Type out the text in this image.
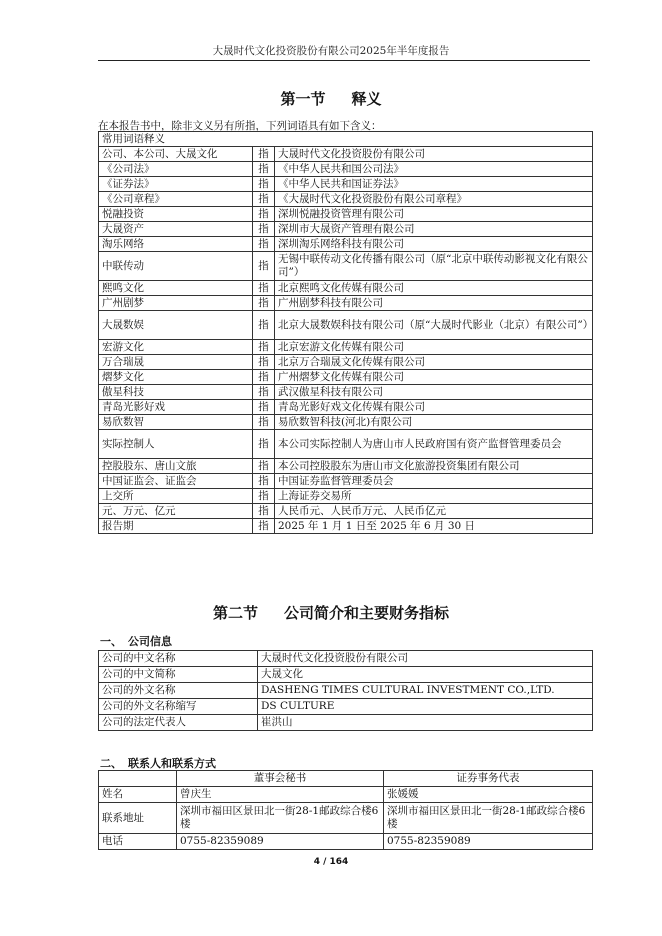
大晟时代文化投资股份有限公司2025年半年度报告
第一节 释义
在本报告书中，除非文义另有所指，下列词语具有如下含义：
常用词语释义		
公司、本公司、大晟文化	指	大晟时代文化投资股份有限公司
《公司法》	指	《中华人民共和国公司法》
《证券法》	指	《中华人民共和国证券法》
《公司章程》	指	《大晟时代文化投资股份有限公司章程》
悦融投资	指	深圳悦融投资管理有限公司
大晟资产	指	深圳市大晟资产管理有限公司
淘乐网络	指	深圳淘乐网络科技有限公司
中联传动	指	无锡中联传动文化传播有限公司（原“北京中联传动影视文化有限公司”）
熙鸣文化	指	北京熙鸣文化传媒有限公司
广州剧梦	指	广州剧梦科技有限公司
大晟数娱	指	北京大晟数娱科技有限公司（原“大晟时代影业（北京）有限公司”）
宏游文化	指	北京宏游文化传媒有限公司
万合瑞晟	指	北京万合瑞晟文化传媒有限公司
熠梦文化	指	广州熠梦文化传媒有限公司
傲星科技	指	武汉傲星科技有限公司
青岛光影好戏	指	青岛光影好戏文化传媒有限公司
易欣数智	指	易欣数智科技(河北)有限公司
实际控制人	指	本公司实际控制人为唐山市人民政府国有资产监督管理委员会
控股股东、唐山文旅	指	本公司控股股东为唐山市文化旅游投资集团有限公司
中国证监会、证监会	指	中国证券监督管理委员会
上交所	指	上海证券交易所
元、万元、亿元	指	人民币元、人民币万元、人民币亿元
报告期	指	2025 年 1 月 1 日至 2025 年 6 月 30 日
第二节 公司简介和主要财务指标
一、 公司信息
公司的中文名称	大晟时代文化投资股份有限公司
公司的中文简称	大晟文化
公司的外文名称	DASHENG TIMES CULTURAL INVESTMENT CO.,LTD.
公司的外文名称缩写	DS CULTURE
公司的法定代表人	崔洪山
二、 联系人和联系方式
	董事会秘书	证券事务代表
姓名	曾庆生	张媛媛
联系地址	深圳市福田区景田北一街28-1邮政综合楼6楼	深圳市福田区景田北一街28-1邮政综合楼6楼
电话	0755-82359089	0755-82359089
4 / 164
